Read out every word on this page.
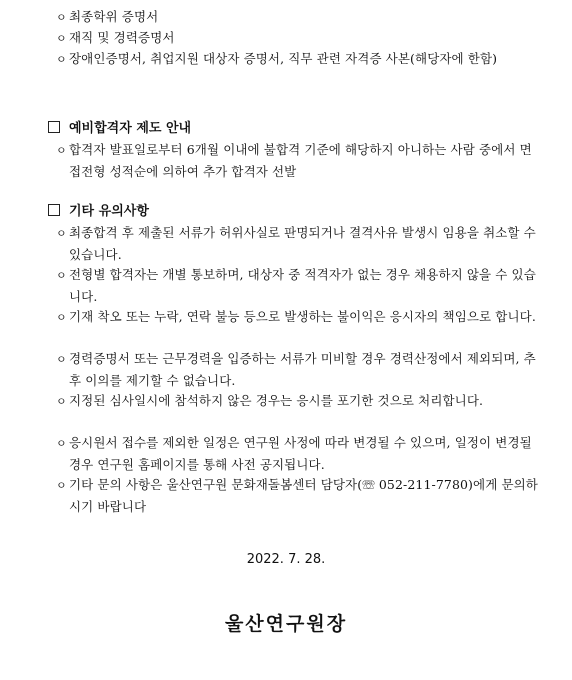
ㅇ 최종학위 증명서
ㅇ 재직 및 경력증명서
ㅇ 장애인증명서, 취업지원 대상자 증명서, 직무 관련 자격증 사본(해당자에 한함)
예비합격자 제도 안내
ㅇ 합격자 발표일로부터 6개월 이내에 불합격 기준에 해당하지 아니하는 사람 중에서 면접전형 성적순에 의하여 추가 합격자 선발
기타 유의사항
ㅇ 최종합격 후 제출된 서류가 허위사실로 판명되거나 결격사유 발생시 임용을 취소할 수 있습니다.
ㅇ 전형별 합격자는 개별 통보하며, 대상자 중 적격자가 없는 경우 채용하지 않을 수 있습니다.
ㅇ 기재 착오 또는 누락, 연락 불능 등으로 발생하는 불이익은 응시자의 책임으로 합니다.
ㅇ 경력증명서 또는 근무경력을 입증하는 서류가 미비할 경우 경력산정에서 제외되며, 추후 이의를 제기할 수 없습니다.
ㅇ 지정된 심사일시에 참석하지 않은 경우는 응시를 포기한 것으로 처리합니다.
ㅇ 응시원서 접수를 제외한 일정은 연구원 사정에 따라 변경될 수 있으며, 일정이 변경될 경우 연구원 홈페이지를 통해 사전 공지됩니다.
ㅇ 기타 문의 사항은 울산연구원 문화재돌봄센터 담당자(☏ 052-211-7780)에게 문의하시기 바랍니다
2022. 7. 28.
울산연구원장
